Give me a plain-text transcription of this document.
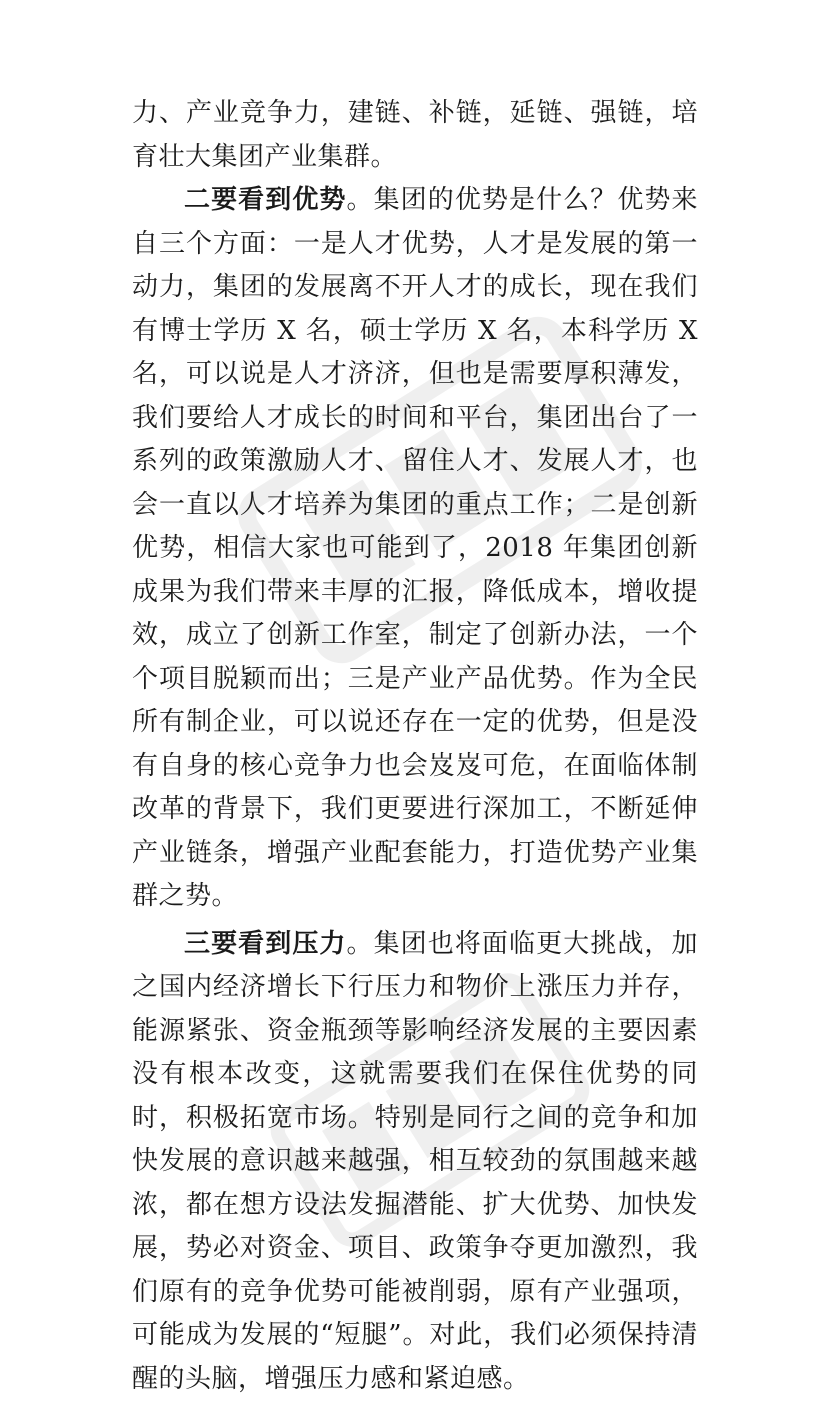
力、产业竞争力，建链、补链，延链、强链，培育壮大集团产业集群。

二要看到优势。集团的优势是什么？优势来自三个方面：一是人才优势，人才是发展的第一动力，集团的发展离不开人才的成长，现在我们有博士学历 X 名，硕士学历 X 名，本科学历 X 名，可以说是人才济济，但也是需要厚积薄发，我们要给人才成长的时间和平台，集团出台了一系列的政策激励人才、留住人才、发展人才，也会一直以人才培养为集团的重点工作；二是创新优势，相信大家也可能到了，2018 年集团创新成果为我们带来丰厚的汇报，降低成本，增收提效，成立了创新工作室，制定了创新办法，一个个项目脱颖而出；三是产业产品优势。作为全民所有制企业，可以说还存在一定的优势，但是没有自身的核心竞争力也会岌岌可危，在面临体制改革的背景下，我们更要进行深加工，不断延伸产业链条，增强产业配套能力，打造优势产业集群之势。

三要看到压力。集团也将面临更大挑战，加之国内经济增长下行压力和物价上涨压力并存，能源紧张、资金瓶颈等影响经济发展的主要因素没有根本改变，这就需要我们在保住优势的同时，积极拓宽市场。特别是同行之间的竞争和加快发展的意识越来越强，相互较劲的氛围越来越浓，都在想方设法发掘潜能、扩大优势、加快发展，势必对资金、项目、政策争夺更加激烈，我们原有的竞争优势可能被削弱，原有产业强项，可能成为发展的“短腿”。对此，我们必须保持清醒的头脑，增强压力感和紧迫感。
